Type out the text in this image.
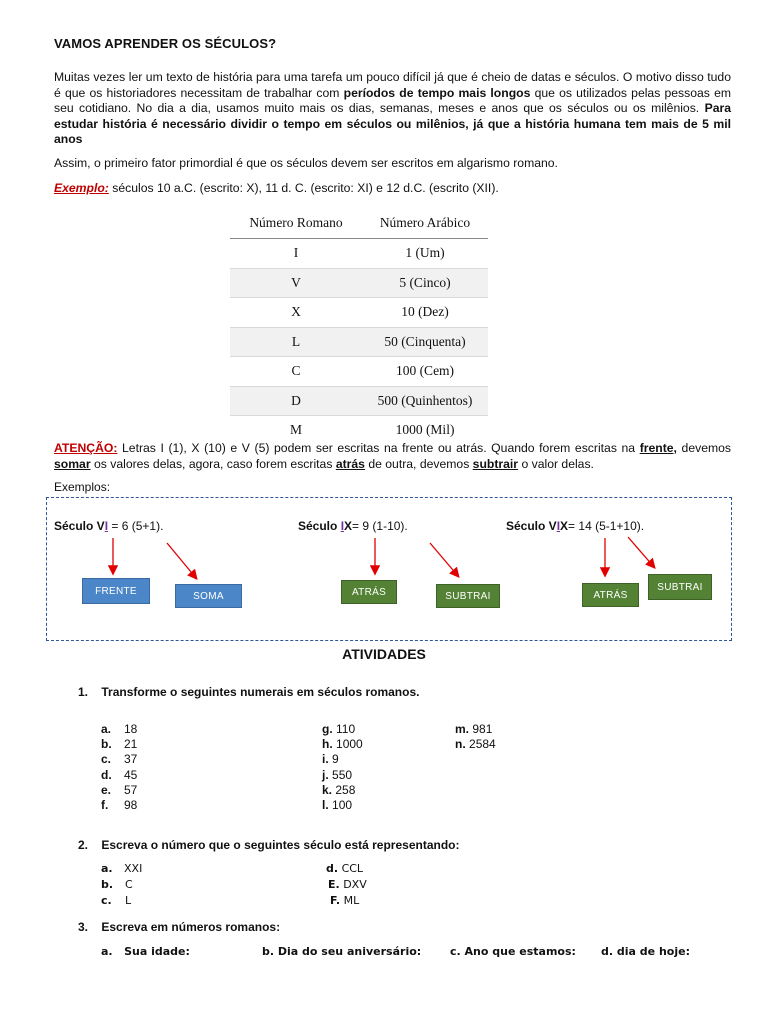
VAMOS APRENDER OS SÉCULOS?
Muitas vezes ler um texto de história para uma tarefa um pouco difícil já que é cheio de datas e séculos. O motivo disso tudo é que os historiadores necessitam de trabalhar com períodos de tempo mais longos que os utilizados pelas pessoas em seu cotidiano. No dia a dia, usamos muito mais os dias, semanas, meses e anos que os séculos ou os milênios. Para estudar história é necessário dividir o tempo em séculos ou milênios, já que a história humana tem mais de 5 mil anos
Assim, o primeiro fator primordial é que os séculos devem ser escritos em algarismo romano.
Exemplo: séculos 10 a.C. (escrito: X), 11 d. C. (escrito: XI) e 12 d.C. (escrito (XII).
Número Romano	Número Arábico
I	1 (Um)
V	5 (Cinco)
X	10 (Dez)
L	50 (Cinquenta)
C	100 (Cem)
D	500 (Quinhentos)
M	1000 (Mil)
ATENÇÃO: Letras I (1), X (10) e V (5) podem ser escritas na frente ou atrás. Quando forem escritas na frente, devemos somar os valores delas, agora, caso forem escritas atrás de outra, devemos subtrair o valor delas.
Exemplos:
Século VI = 6 (5+1).	Século IX= 9 (1-10).	Século VIX= 14 (5-1+10).
FRENTE	SOMA	ATRÁS	SUBTRAI	ATRÁS
SUBTRAI
ATIVIDADES
1. Transforme o seguintes numerais em séculos romanos.
a. 18
b. 21
c. 37
d. 45
e. 57
f. 98
g. 110
h. 1000
i. 9
j. 550
k. 258
l. 100
m. 981
n. 2584
2. Escreva o número que o seguintes século está representando:
a. XXI
b. C
c. L
d. CCL
E. DXV
F. ML
3. Escreva em números romanos:
a.   Sua idade:	b. Dia do seu aniversário:	c. Ano que estamos: d. dia de hoje:
